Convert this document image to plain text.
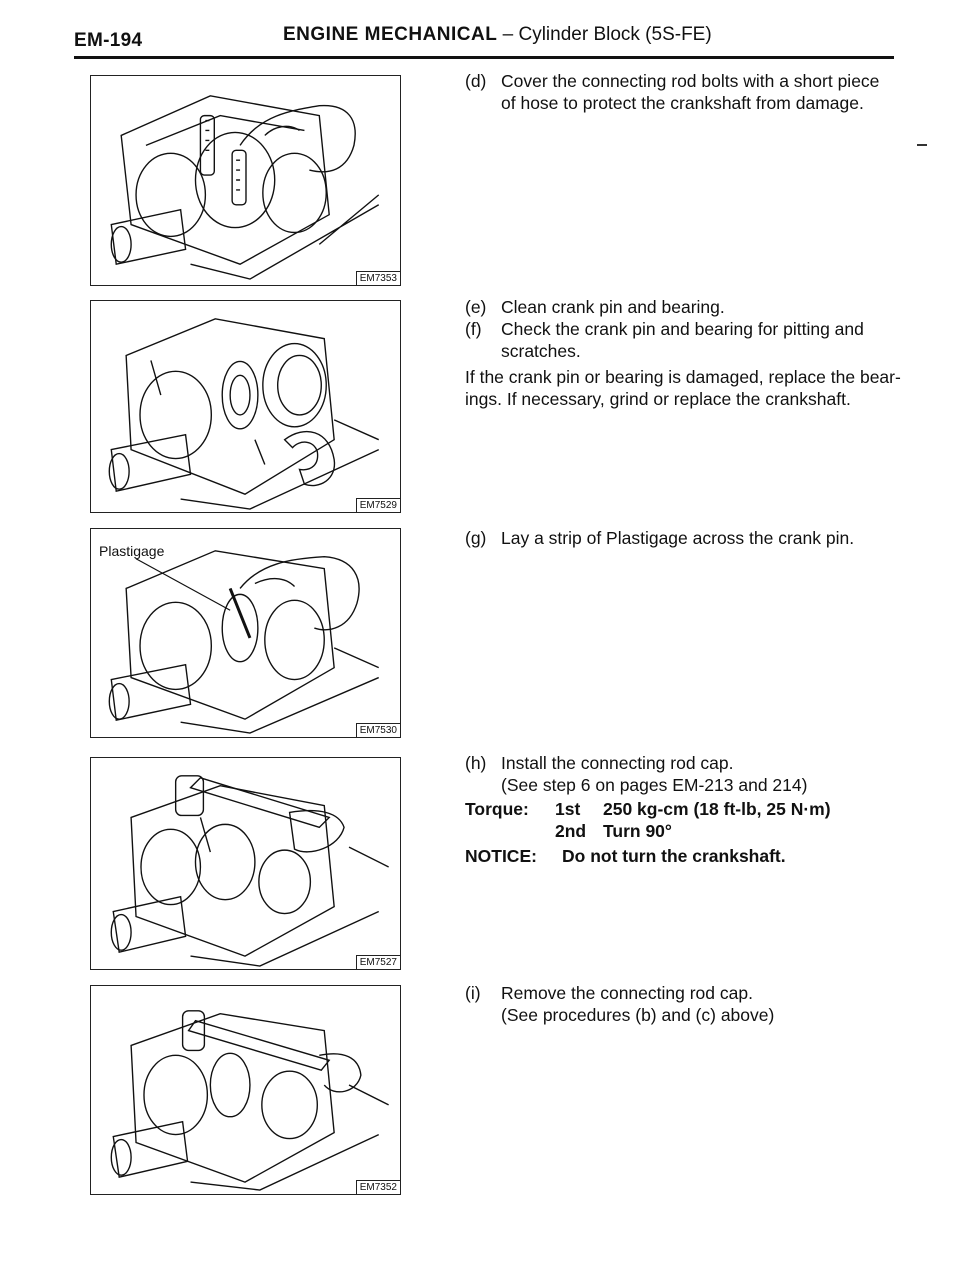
EM-194	ENGINE MECHANICAL – Cylinder Block (5S-FE)
EM7353
EM7529
Plastigage
EM7530
EM7527
EM7352
(d) Cover the connecting rod bolts with a short piece of hose to protect the crankshaft from damage.
(e) Clean crank pin and bearing.
(f)	Check the crank pin and bearing for pitting and scratches.
If the crank pin or bearing is damaged, replace the bear-ings. If necessary, grind or replace the crankshaft.
(g) Lay a strip of Plastigage across the crank pin.
(h) Install the connecting rod cap.
(See step 6 on pages EM-213 and 214)
Torque: 1st 250 kg-cm (18 ft-lb, 25 N·m)
2nd Turn 90°
NOTICE: Do not turn the crankshaft.
(i)	Remove the connecting rod cap.
(See procedures (b) and (c) above)
